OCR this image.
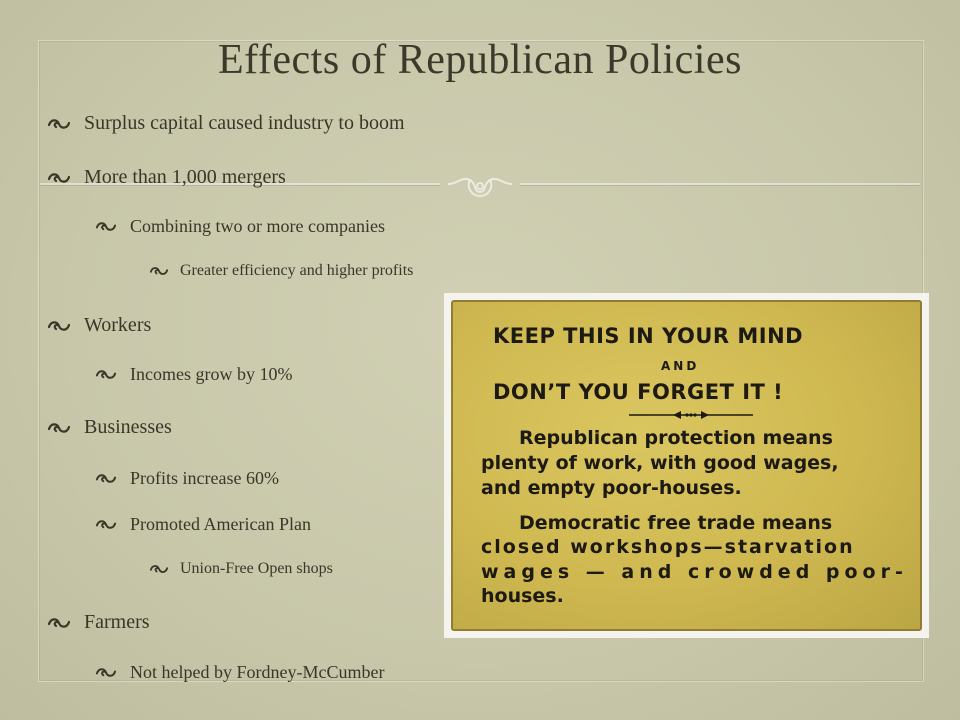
Effects of Republican Policies
Surplus capital caused industry to boom
More than 1,000 mergers
Combining two or more companies
Greater efficiency and higher profits
Workers
Incomes grow by 10%
Businesses
Profits increase 60%
Promoted American Plan
Union-Free Open shops
Farmers
Not helped by Fordney-McCumber
KEEP THIS IN YOUR MIND
AND
DON’T YOU FORGET IT !
Republican protection means
plenty of work, with good wages,
and empty poor-houses.
Democratic free trade means
closed workshops—starvation
wages — and crowded poor-
houses.
